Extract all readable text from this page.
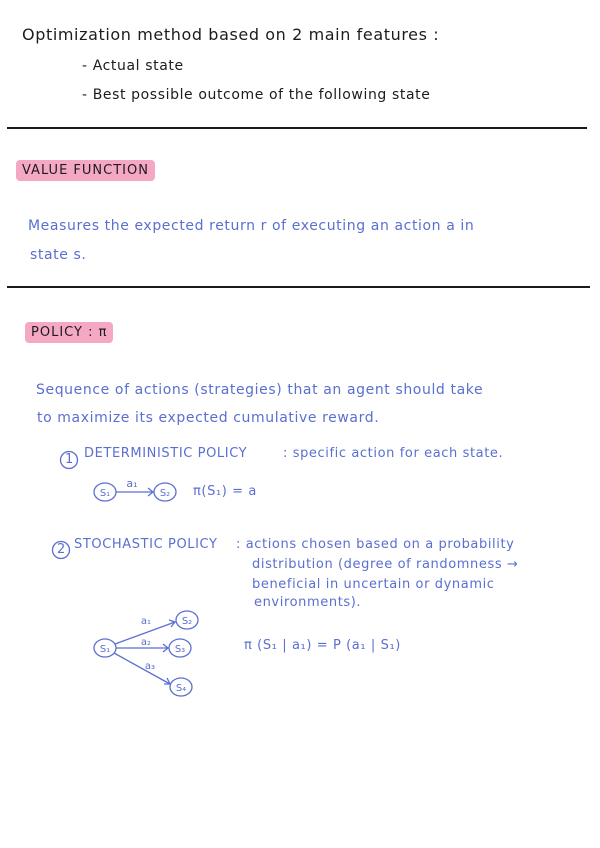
Optimization method based on 2 main features :
- Actual state
- Best possible outcome of the following state
VALUE FUNCTION
Measures the expected return r of executing an action a in
state s.
POLICY : π
Sequence of actions (strategies) that an agent should take
to maximize its expected cumulative reward.
1 DETERMINISTIC POLICY	: specific action for each state.
S₁	S₂
a₁
π(S₁) = a
2 STOCHASTIC POLICY : actions chosen based on a probability
distribution (degree of randomness →
beneficial in uncertain or dynamic
environments).
S₁
S₂
S₃
S₄
a₁
a₂
a₃
π (S₁ | a₁) = P (a₁ | S₁)
